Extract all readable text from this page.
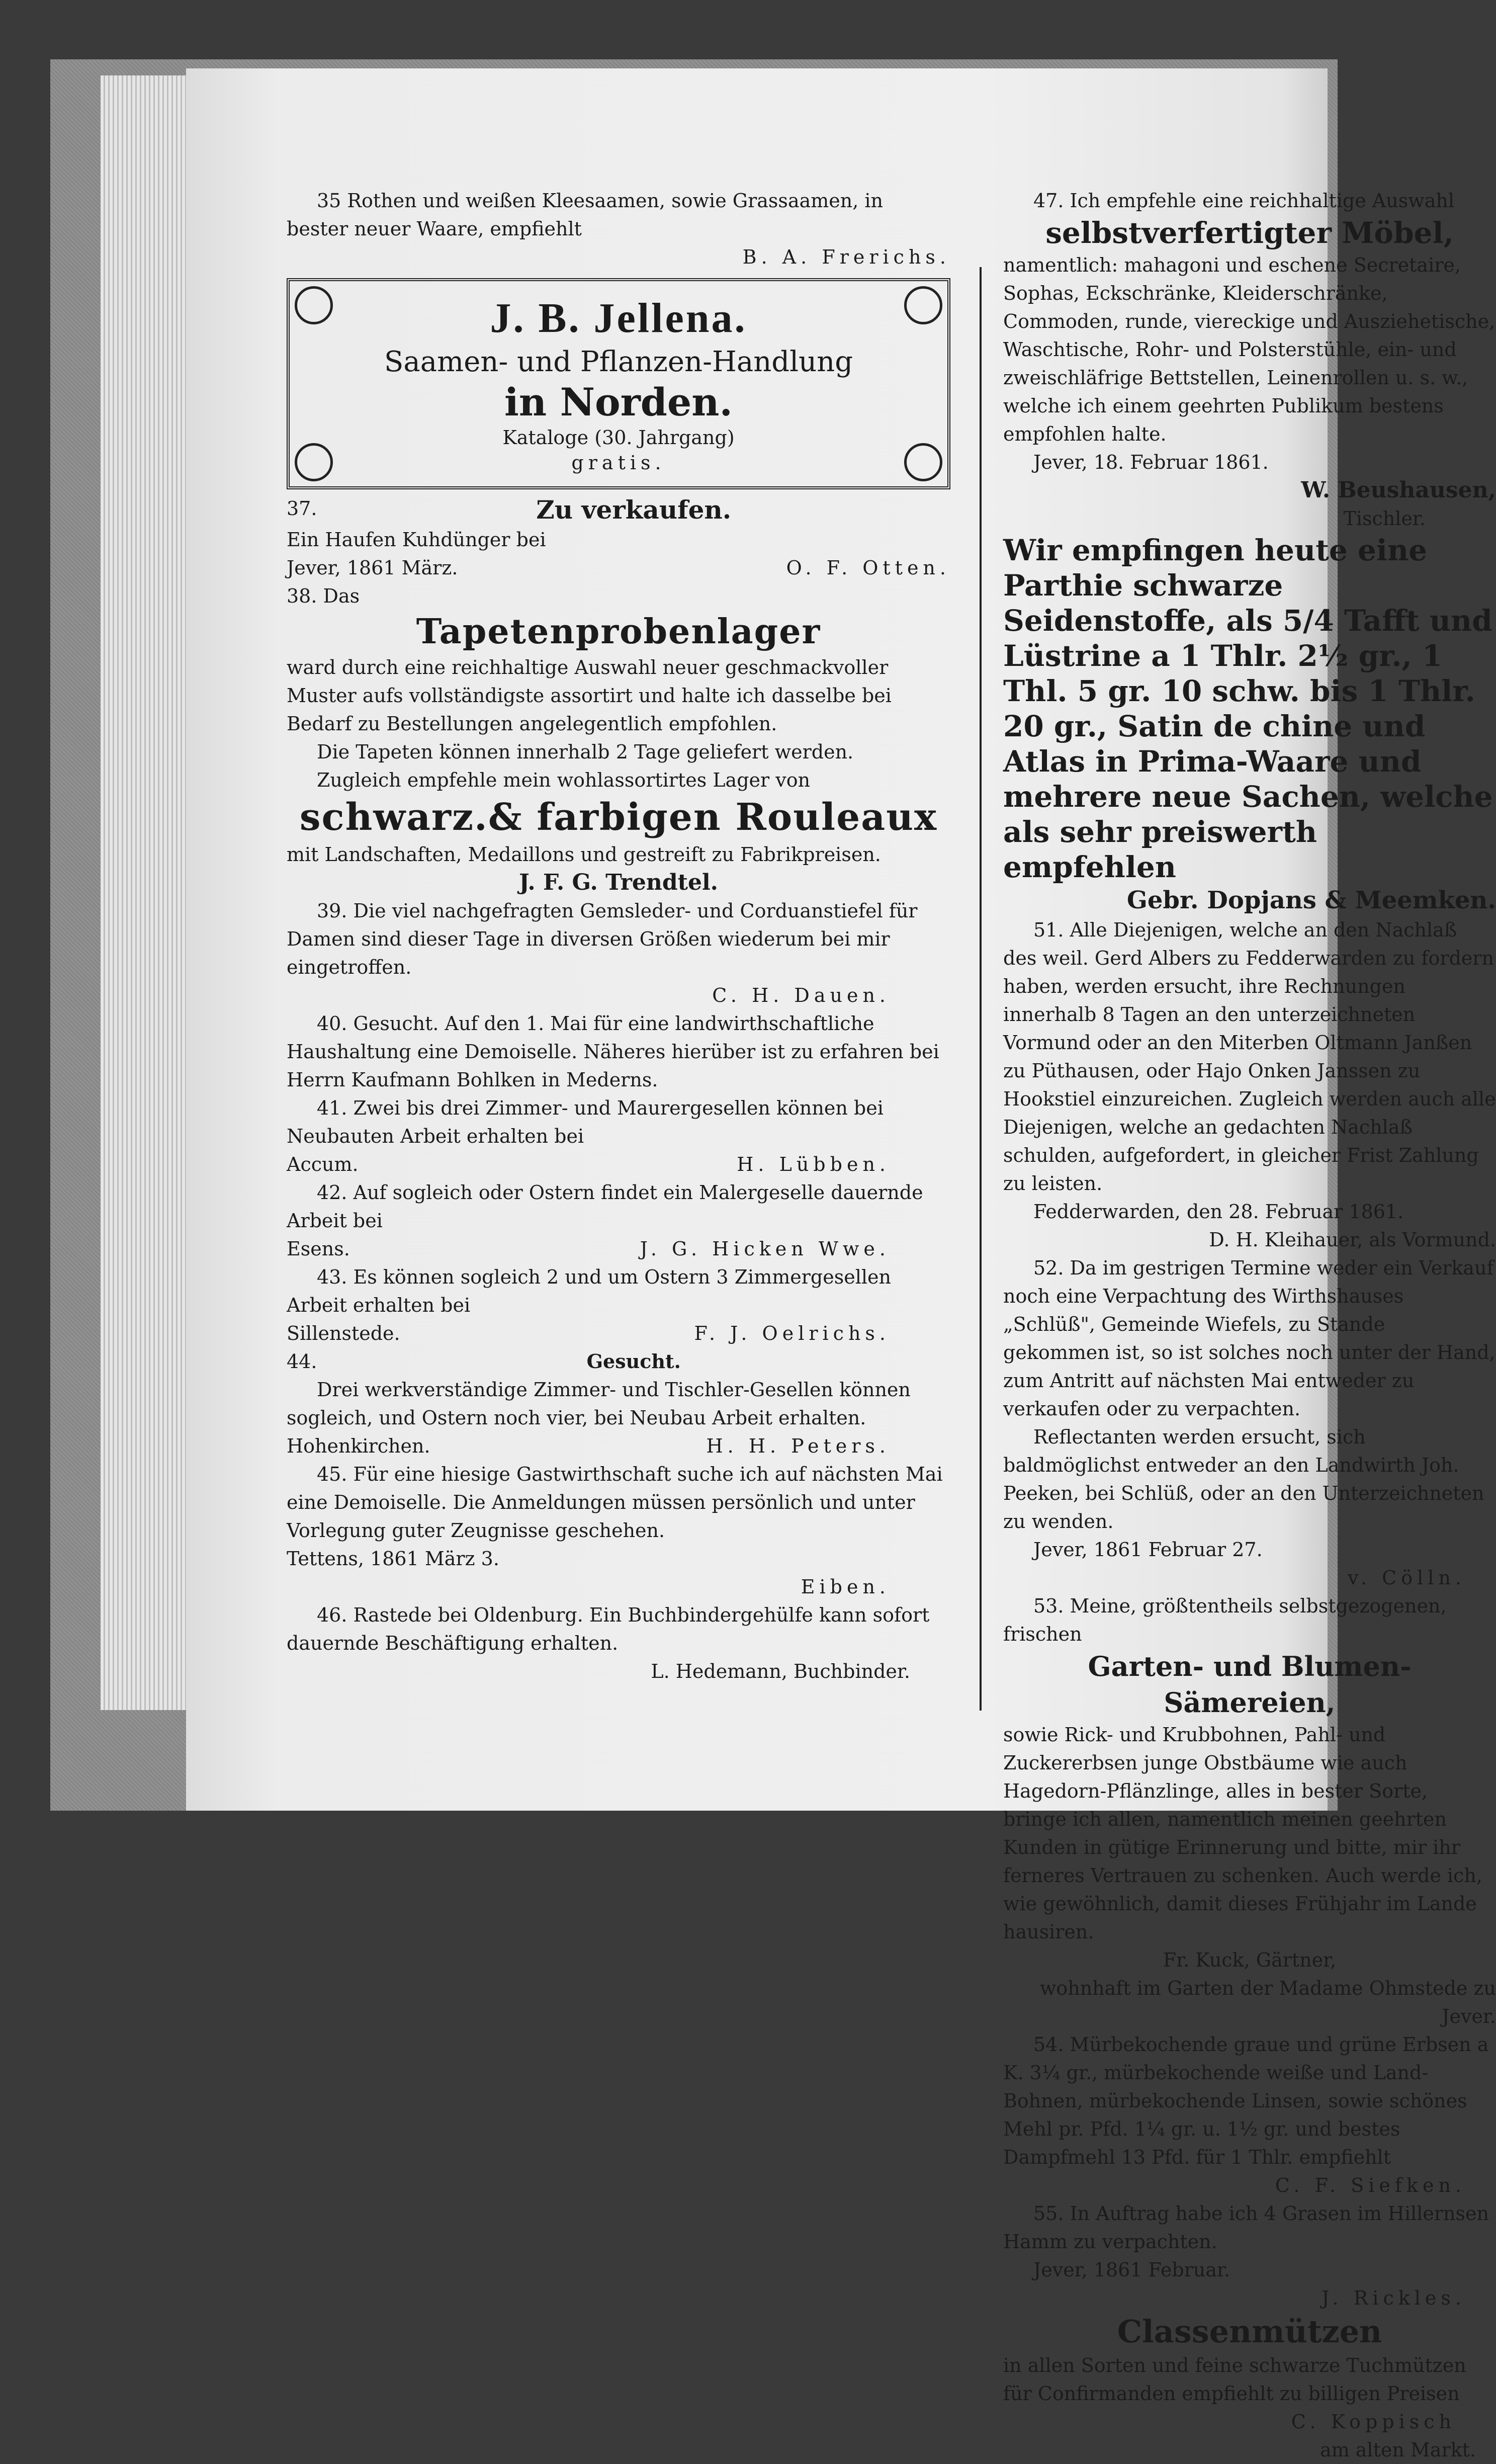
35 Rothen und weißen Kleesaamen, sowie Grassaamen, in bester neuer Waare, empfiehlt

B. A. Frerichs.

J. B. Jellena.

Saamen- und Pflanzen-Handlung

in Norden.

Kataloge (30. Jahrgang)

gratis.

37.	Zu verkaufen.

Ein Haufen Kuhdünger bei

Jever, 1861 März.	O. F. Otten.

38. Das

Tapetenprobenlager

ward durch eine reichhaltige Auswahl neuer geschmackvoller Muster aufs vollständigste assortirt und halte ich dasselbe bei Bedarf zu Bestellungen angelegentlich empfohlen.

Die Tapeten können innerhalb 2 Tage geliefert werden.

Zugleich empfehle mein wohlassortirtes Lager von

schwarz.& farbigen Rouleaux

mit Landschaften, Medaillons und gestreift zu Fabrikpreisen.

J. F. G. Trendtel.

39. Die viel nachgefragten Gemsleder- und Corduanstiefel für Damen sind dieser Tage in diversen Größen wiederum bei mir eingetroffen.

C. H. Dauen.

40. Gesucht. Auf den 1. Mai für eine landwirthschaftliche Haushaltung eine Demoiselle. Näheres hierüber ist zu erfahren bei Herrn Kaufmann Bohlken in Mederns.

41. Zwei bis drei Zimmer- und Maurergesellen können bei Neubauten Arbeit erhalten bei

Accum.	H. Lübben.

42. Auf sogleich oder Ostern findet ein Malergeselle dauernde Arbeit bei

Esens.	J. G. Hicken Wwe.

43. Es können sogleich 2 und um Ostern 3 Zimmergesellen Arbeit erhalten bei

Sillenstede.	F. J. Oelrichs.
44.	Gesucht.

Drei werkverständige Zimmer- und Tischler-Gesellen können sogleich, und Ostern noch vier, bei Neubau Arbeit erhalten.

Hohenkirchen.	H. H. Peters.

45. Für eine hiesige Gastwirthschaft suche ich auf nächsten Mai eine Demoiselle. Die Anmeldungen müssen persönlich und unter Vorlegung guter Zeugnisse geschehen.

Tettens, 1861 März 3.

Eiben.

46. Rastede bei Oldenburg. Ein Buchbindergehülfe kann sofort dauernde Beschäftigung erhalten.

L. Hedemann, Buchbinder.

47. Ich empfehle eine reichhaltige Auswahl

selbstverfertigter Möbel,

namentlich: mahagoni und eschene Secretaire, Sophas, Eckschränke, Kleiderschränke, Commoden, runde, viereckige und Ausziehetische, Waschtische, Rohr- und Polsterstühle, ein- und zweischläfrige Bettstellen, Leinenrollen u. s. w., welche ich einem geehrten Publikum bestens empfohlen halte.

Jever, 18. Februar 1861.

W. Beushausen,

Tischler.

Wir empfingen heute eine Parthie schwarze Seidenstoffe, als 5/4 Tafft und Lüstrine a 1 Thlr. 2½ gr., 1 Thl. 5 gr. 10 schw. bis 1 Thlr. 20 gr., Satin de chine und Atlas in Prima-Waare und mehrere neue Sachen, welche als sehr preiswerth empfehlen

Gebr. Dopjans & Meemken.

51. Alle Diejenigen, welche an den Nachlaß des weil. Gerd Albers zu Fedderwarden zu fordern haben, werden ersucht, ihre Rechnungen innerhalb 8 Tagen an den unterzeichneten Vormund oder an den Miterben Oltmann Janßen zu Püthausen, oder Hajo Onken Janssen zu Hookstiel einzureichen. Zugleich werden auch alle Diejenigen, welche an gedachten Nachlaß schulden, aufgefordert, in gleicher Frist Zahlung zu leisten.

Fedderwarden, den 28. Februar 1861.

D. H. Kleihauer, als Vormund.

52. Da im gestrigen Termine weder ein Verkauf noch eine Verpachtung des Wirthshauses „Schlüß", Gemeinde Wiefels, zu Stande gekommen ist, so ist solches noch unter der Hand, zum Antritt auf nächsten Mai entweder zu verkaufen oder zu verpachten.

Reflectanten werden ersucht, sich baldmöglichst entweder an den Landwirth Joh. Peeken, bei Schlüß, oder an den Unterzeichneten zu wenden.

Jever, 1861 Februar 27.

v. Cölln.

53. Meine, größtentheils selbstgezogenen, frischen

Garten- und Blumen-Sämereien,

sowie Rick- und Krubbohnen, Pahl- und Zuckererbsen junge Obstbäume wie auch Hagedorn-Pflänzlinge, alles in bester Sorte, bringe ich allen, namentlich meinen geehrten Kunden in gütige Erinnerung und bitte, mir ihr ferneres Vertrauen zu schenken. Auch werde ich, wie gewöhnlich, damit dieses Frühjahr im Lande hausiren.

Fr. Kuck, Gärtner,

wohnhaft im Garten der Madame Ohmstede zu Jever.

54. Mürbekochende graue und grüne Erbsen a K. 3¼ gr., mürbekochende weiße und Land-Bohnen, mürbekochende Linsen, sowie schönes Mehl pr. Pfd. 1¼ gr. u. 1½ gr. und bestes Dampfmehl 13 Pfd. für 1 Thlr. empfiehlt

C. F. Siefken.

55. In Auftrag habe ich 4 Grasen im Hillernsen Hamm zu verpachten.

Jever, 1861 Februar.

J. Rickles.

Classenmützen

in allen Sorten und feine schwarze Tuchmützen für Confirmanden empfiehlt zu billigen Preisen

C. Koppisch

am alten Markt.
